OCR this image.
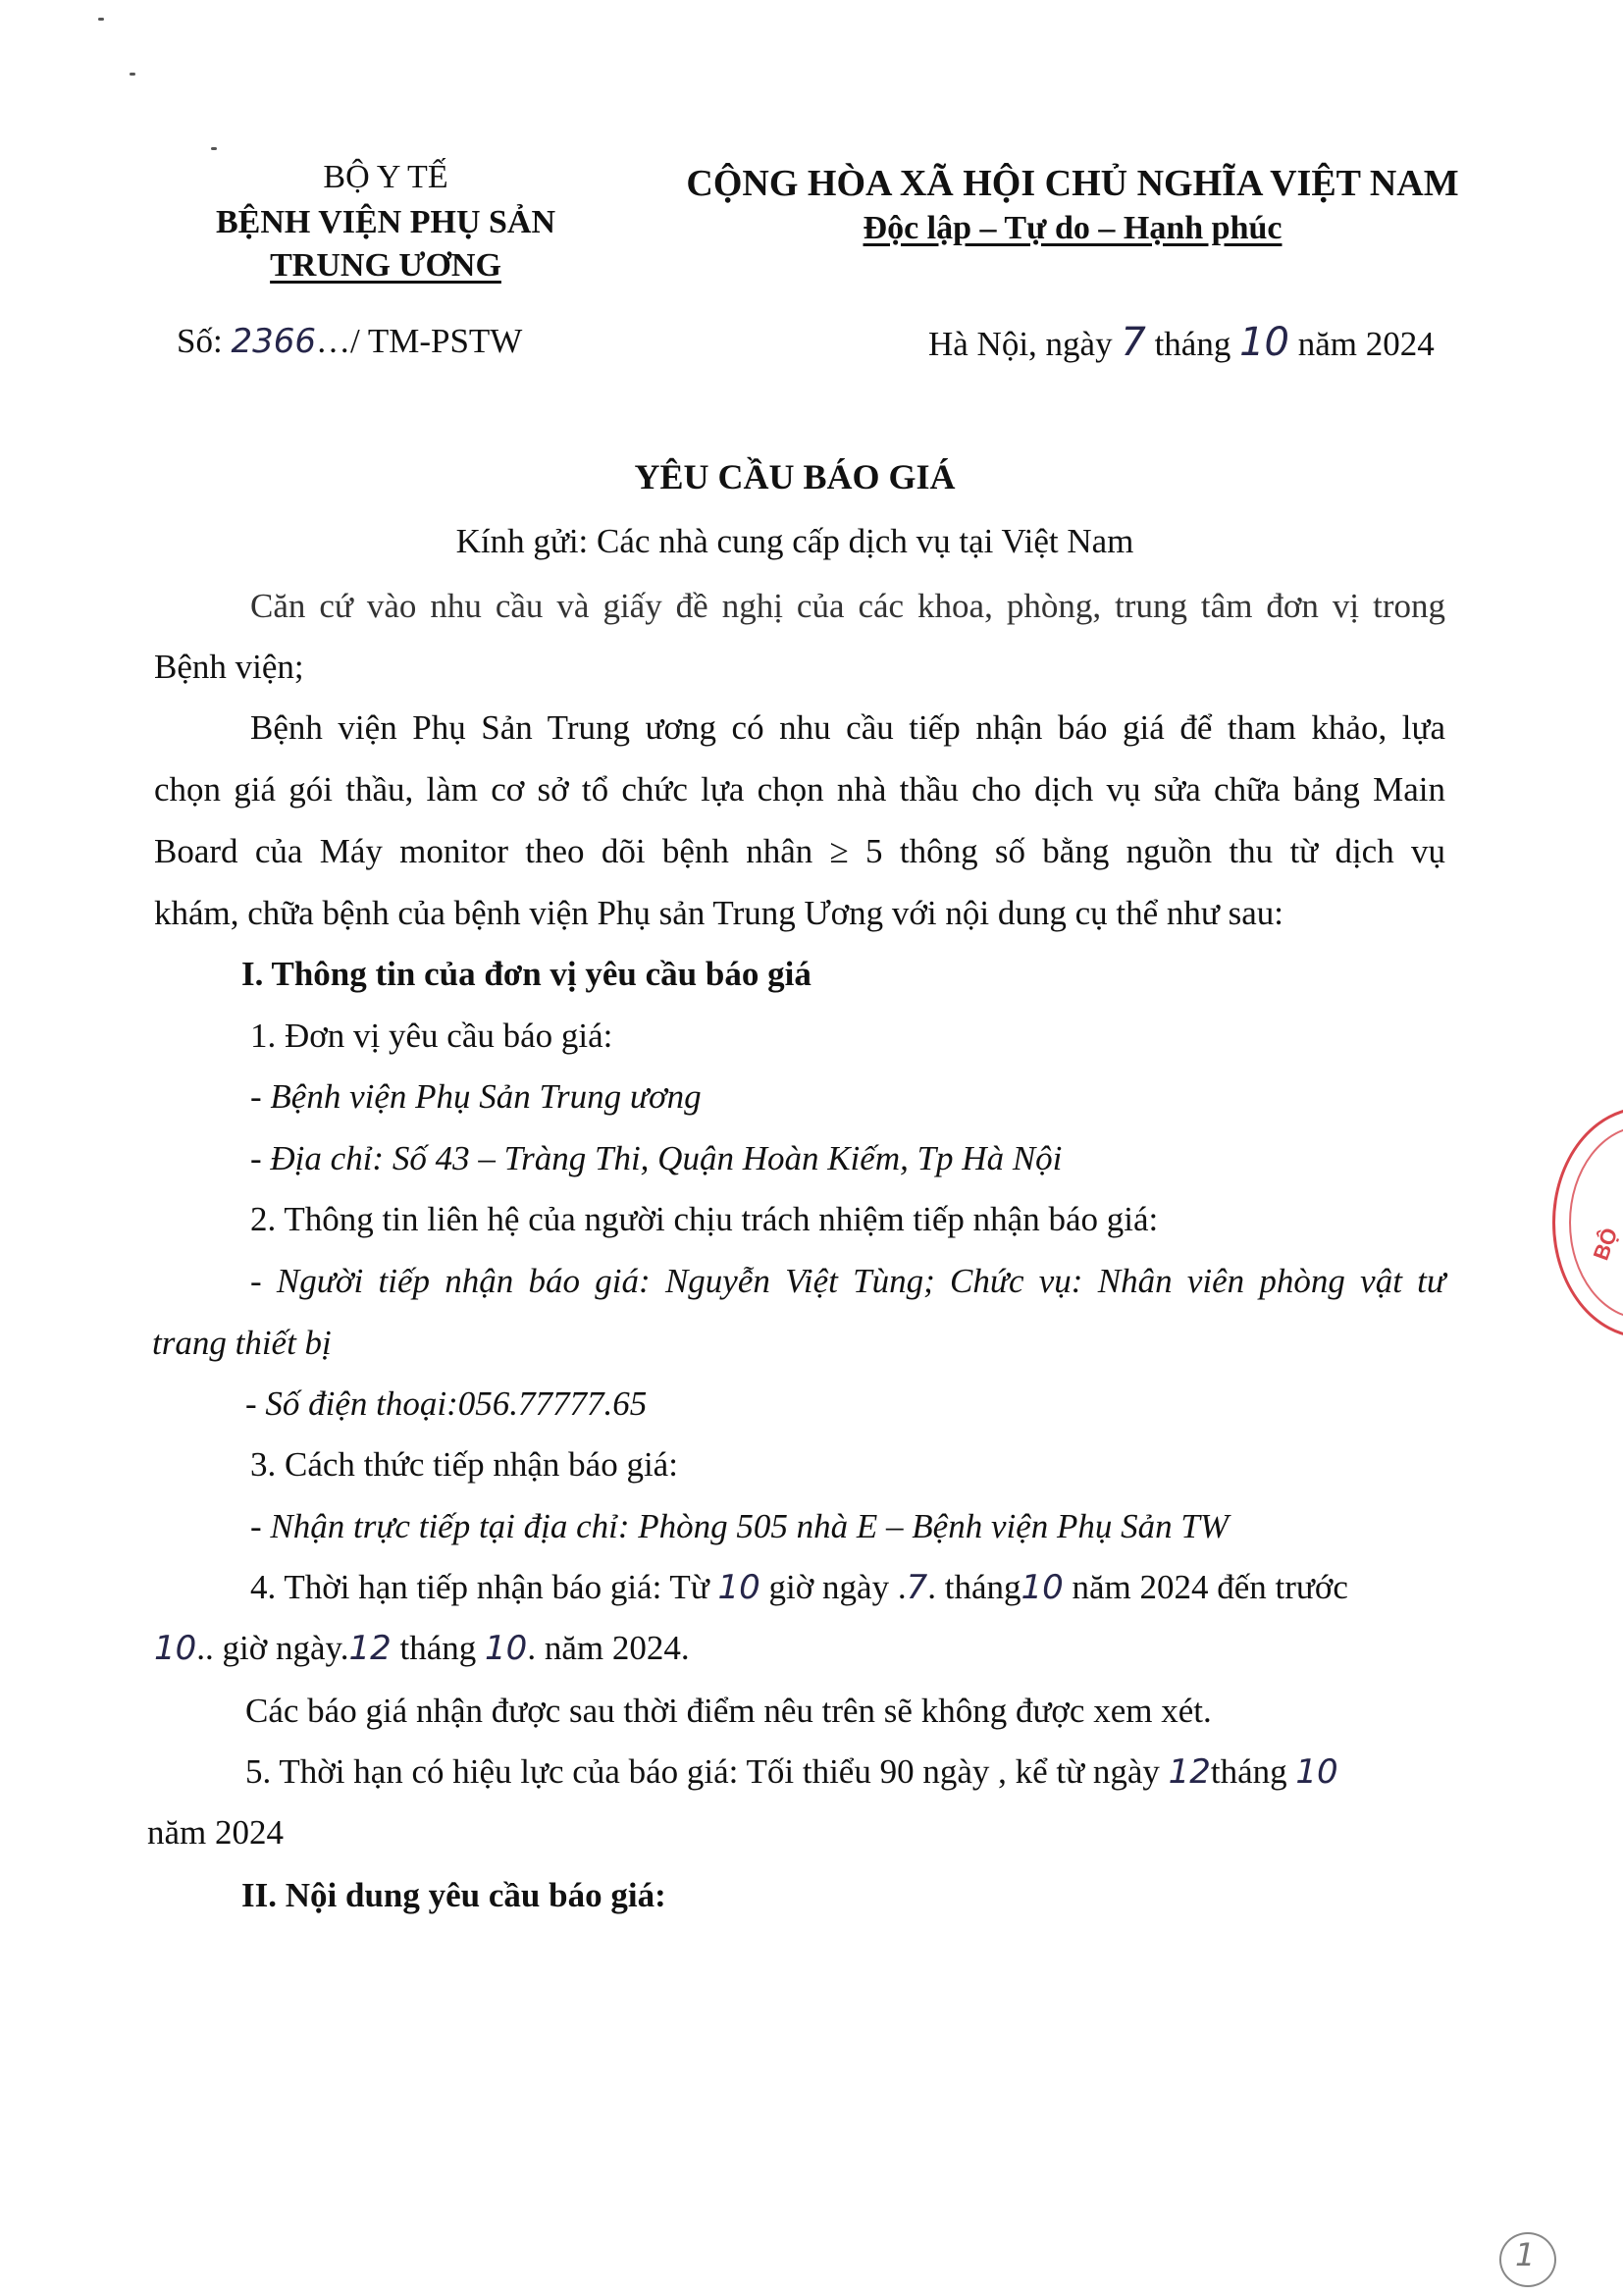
BỘ Y TẾ
BỆNH VIỆN PHỤ SẢN
TRUNG ƯƠNG
CỘNG HÒA XÃ HỘI CHỦ NGHĨA VIỆT NAM
Độc lập – Tự do – Hạnh phúc
Số: 2366…/ TM-PSTW	Hà Nội, ngày 7 tháng 10 năm 2024
YÊU CẦU BÁO GIÁ
Kính gửi: Các nhà cung cấp dịch vụ tại Việt Nam
Căn cứ vào nhu cầu và giấy đề nghị của các khoa, phòng, trung tâm đơn vị trong
Bệnh viện;
Bệnh viện Phụ Sản Trung ương có nhu cầu tiếp nhận báo giá để tham khảo, lựa
chọn giá gói thầu, làm cơ sở tổ chức lựa chọn nhà thầu cho dịch vụ sửa chữa bảng Main
Board của Máy monitor theo dõi bệnh nhân ≥ 5 thông số bằng nguồn thu từ dịch vụ
khám, chữa bệnh của bệnh viện Phụ sản Trung Ương với nội dung cụ thể như sau:
I. Thông tin của đơn vị yêu cầu báo giá
1. Đơn vị yêu cầu báo giá:
- Bệnh viện Phụ Sản Trung ương
- Địa chỉ: Số 43 – Tràng Thi, Quận Hoàn Kiếm, Tp Hà Nội
2. Thông tin liên hệ của người chịu trách nhiệm tiếp nhận báo giá:
- Người tiếp nhận báo giá: Nguyễn Việt Tùng; Chức vụ: Nhân viên phòng vật tư
trang thiết bị
- Số điện thoại:056.77777.65
3. Cách thức tiếp nhận báo giá:
- Nhận trực tiếp tại địa chỉ: Phòng 505 nhà E – Bệnh viện Phụ Sản TW
4. Thời hạn tiếp nhận báo giá: Từ 10 giờ ngày .7. tháng10 năm 2024 đến trước
10.. giờ ngày.12 tháng 10. năm 2024.
Các báo giá nhận được sau thời điểm nêu trên sẽ không được xem xét.
5. Thời hạn có hiệu lực của báo giá: Tối thiểu 90 ngày , kể từ ngày 12tháng 10
năm 2024
II. Nội dung yêu cầu báo giá:
BỘ
1
